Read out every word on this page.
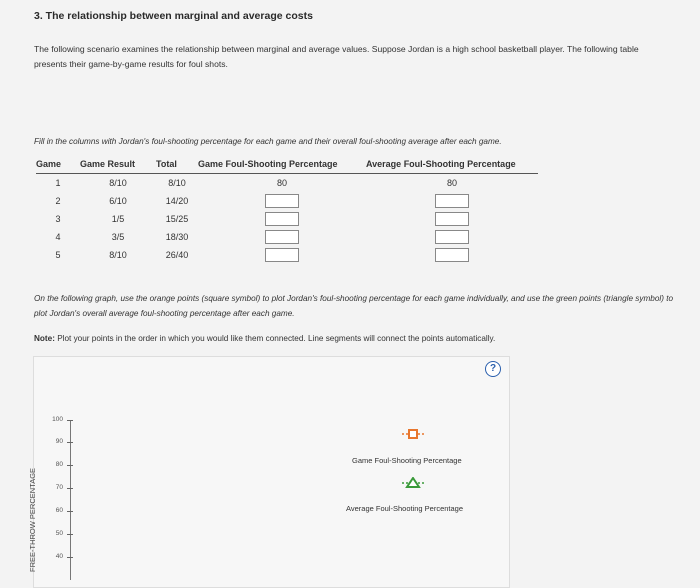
3. The relationship between marginal and average costs
The following scenario examines the relationship between marginal and average values. Suppose Jordan is a high school basketball player. The following table presents their game-by-game results for foul shots.
Fill in the columns with Jordan's foul-shooting percentage for each game and their overall foul-shooting average after each game.
Game	Game Result	Total	Game Foul-Shooting Percentage	Average Foul-Shooting Percentage
1	8/10	8/10	80	80
2	6/10	14/20	

3	1/5	15/25	

4	3/5	18/30	

5	8/10	26/40	

On the following graph, use the orange points (square symbol) to plot Jordan's foul-shooting percentage for each game individually, and use the green points (triangle symbol) to plot Jordan's overall average foul-shooting percentage after each game.
Note: Plot your points in the order in which you would like them connected. Line segments will connect the points automatically.
?
FREE-THROW PERCENTAGE
100
90
80
70
60
50
40
Game Foul-Shooting Percentage
Average Foul-Shooting Percentage
